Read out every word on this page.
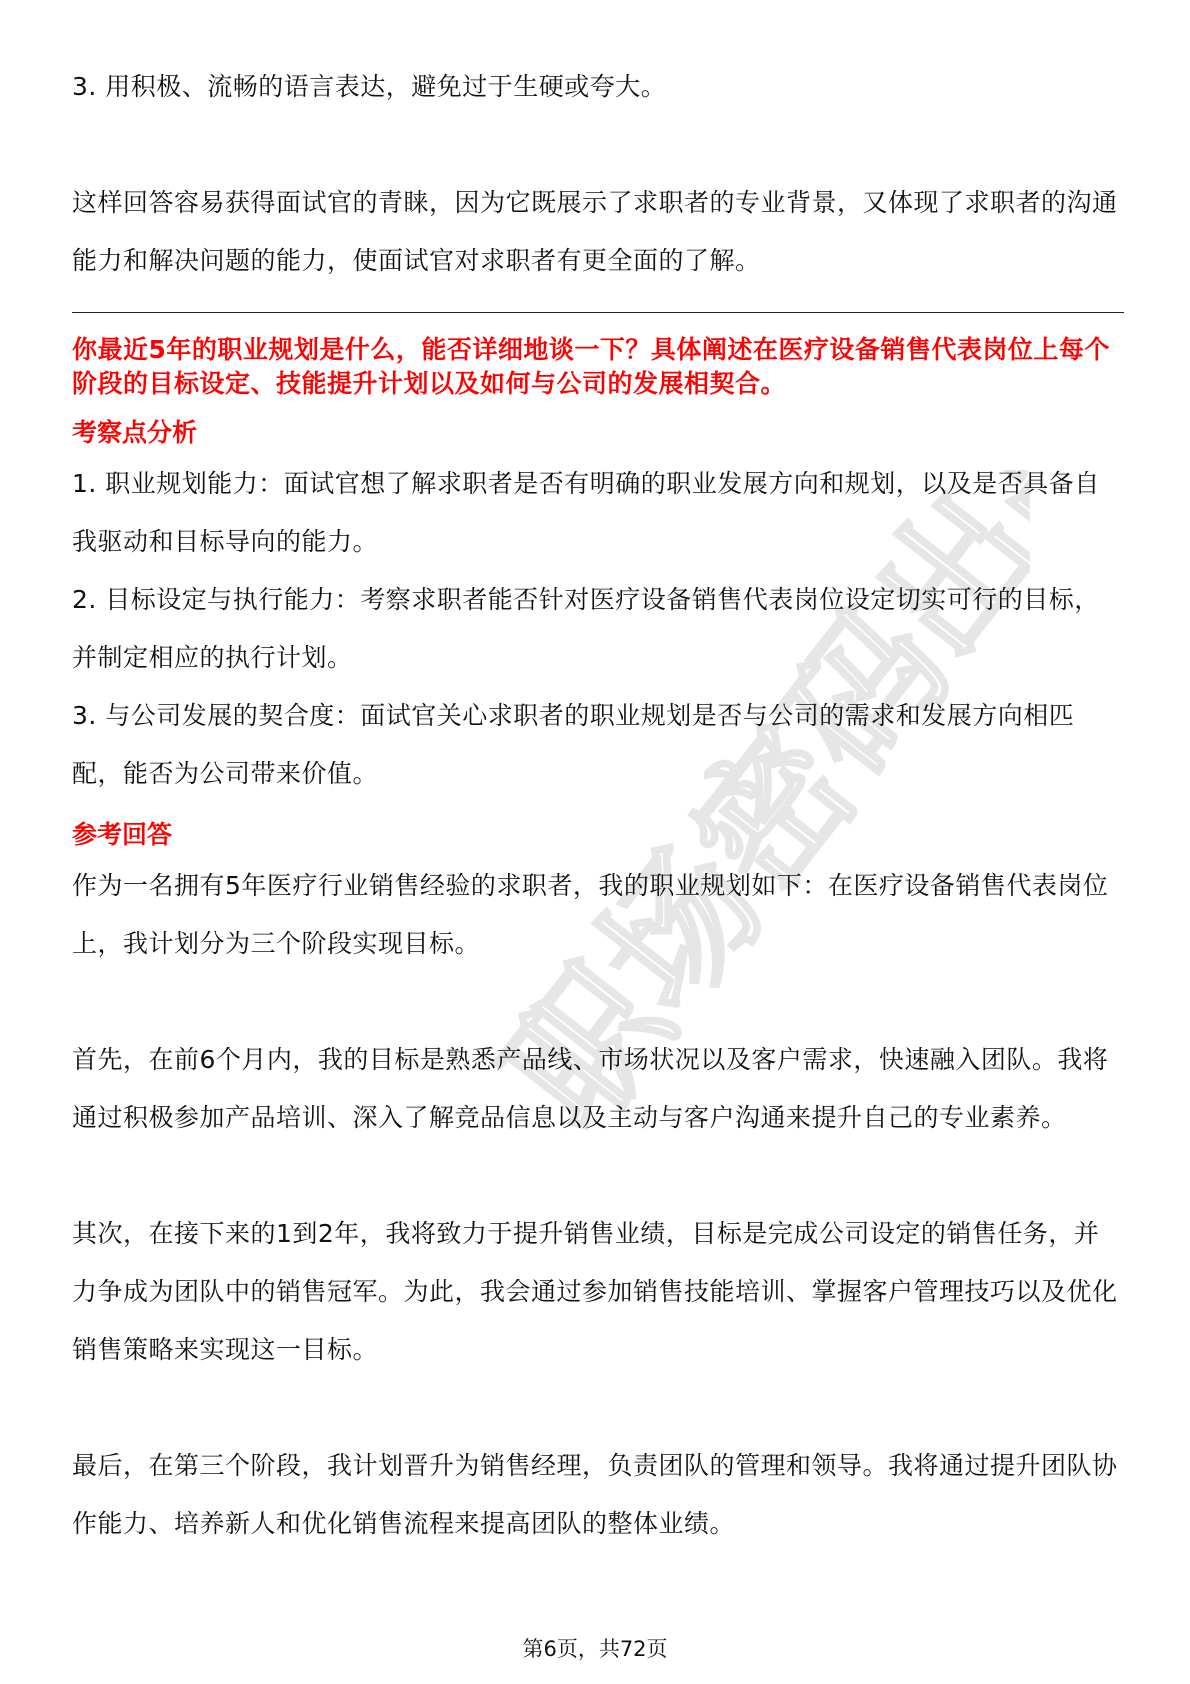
职场密码出品

3. 用积极、流畅的语言表达，避免过于生硬或夸大。

这样回答容易获得面试官的青睐，因为它既展示了求职者的专业背景，又体现了求职者的沟通能力和解决问题的能力，使面试官对求职者有更全面的了解。

你最近5年的职业规划是什么，能否详细地谈一下？具体阐述在医疗设备销售代表岗位上每个阶段的目标设定、技能提升计划以及如何与公司的发展相契合。

考察点分析

1. 职业规划能力：面试官想了解求职者是否有明确的职业发展方向和规划，以及是否具备自我驱动和目标导向的能力。

2. 目标设定与执行能力：考察求职者能否针对医疗设备销售代表岗位设定切实可行的目标，并制定相应的执行计划。

3. 与公司发展的契合度：面试官关心求职者的职业规划是否与公司的需求和发展方向相匹配，能否为公司带来价值。

参考回答

作为一名拥有5年医疗行业销售经验的求职者，我的职业规划如下：在医疗设备销售代表岗位上，我计划分为三个阶段实现目标。

首先，在前6个月内，我的目标是熟悉产品线、市场状况以及客户需求，快速融入团队。我将通过积极参加产品培训、深入了解竞品信息以及主动与客户沟通来提升自己的专业素养。

其次，在接下来的1到2年，我将致力于提升销售业绩，目标是完成公司设定的销售任务，并力争成为团队中的销售冠军。为此，我会通过参加销售技能培训、掌握客户管理技巧以及优化销售策略来实现这一目标。

最后，在第三个阶段，我计划晋升为销售经理，负责团队的管理和领导。我将通过提升团队协作能力、培养新人和优化销售流程来提高团队的整体业绩。

第6页，共72页
